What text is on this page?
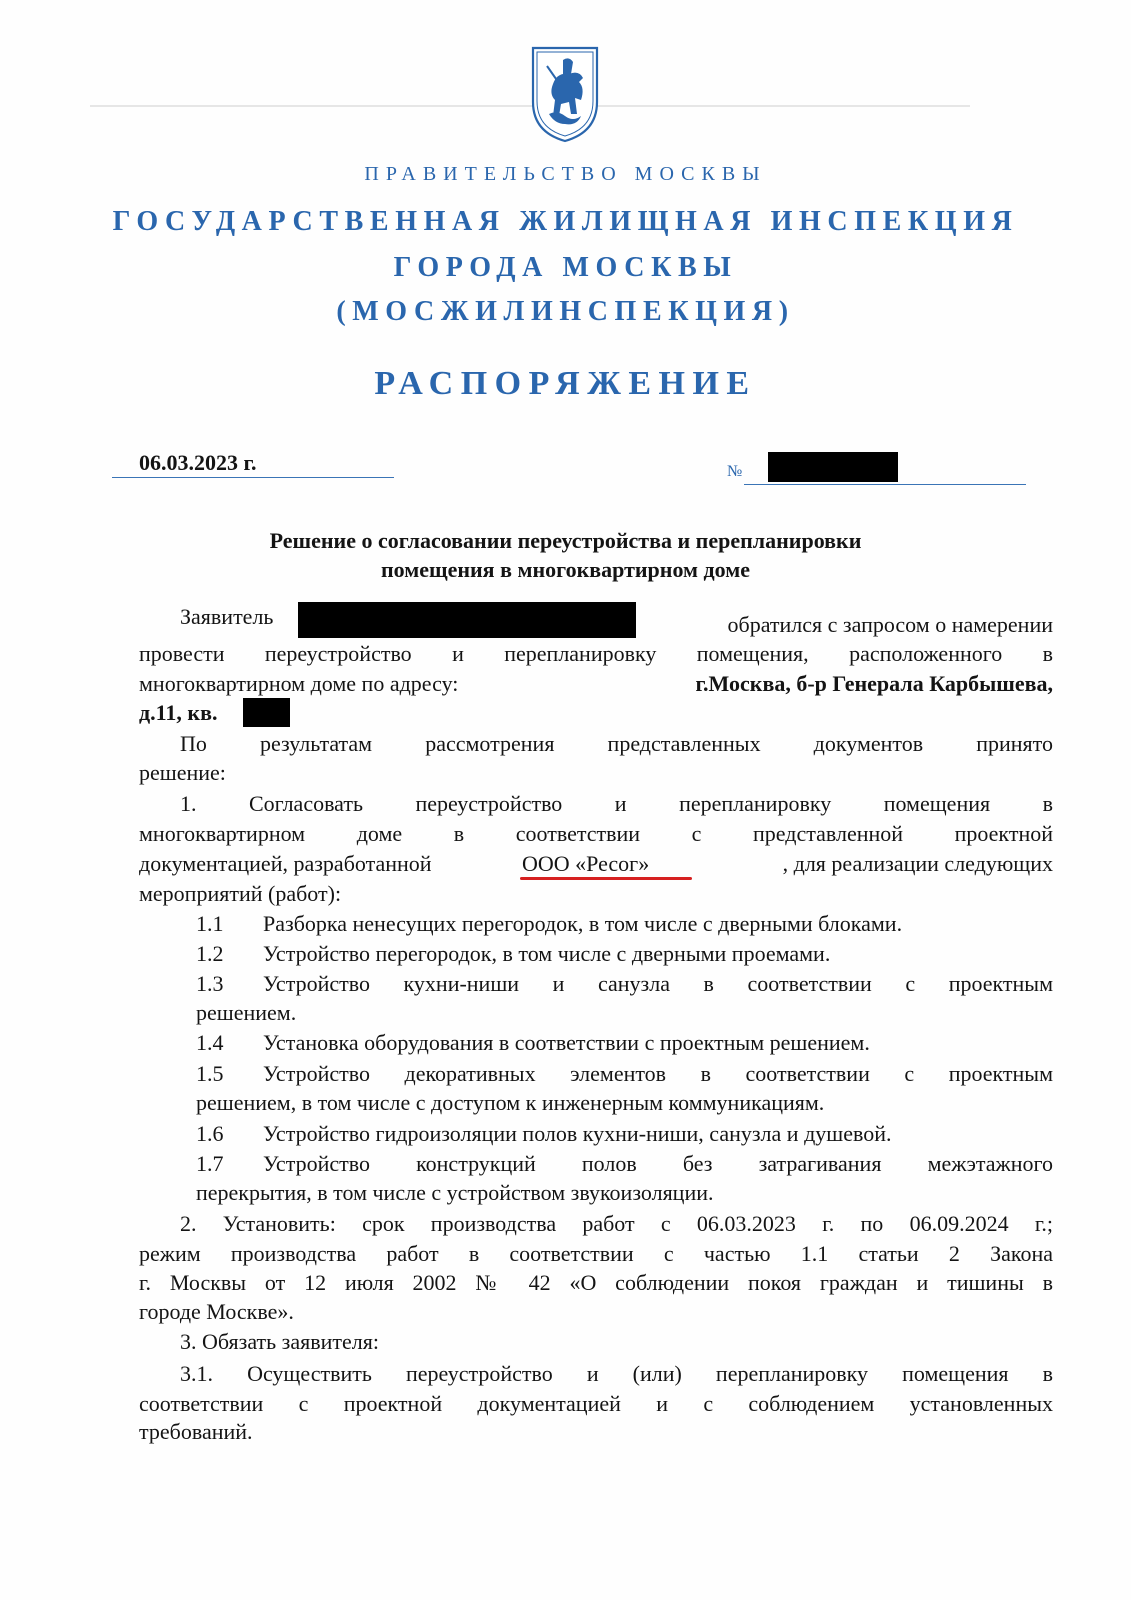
ПРАВИТЕЛЬСТВО МОСКВЫ
ГОСУДАРСТВЕННАЯ ЖИЛИЩНАЯ ИНСПЕКЦИЯ
ГОРОДА МОСКВЫ
(МОСЖИЛИНСПЕКЦИЯ)
РАСПОРЯЖЕНИЕ
06.03.2023 г.	№
Решение о согласовании переустройства и перепланировки
помещения в многоквартирном доме
Заявитель	обратился с запросом о намерении
провести переустройство и перепланировку помещения, расположенного в
многоквартирном доме по адресу:	г.Москва, б-р Генерала Карбышева,
д.11, кв.
По результатам рассмотрения представленных документов принято
решение:
1. Согласовать переустройство и перепланировку помещения в
многоквартирном доме в соответствии с представленной проектной
документацией, разработанной	ООО «Ресог»	, для реализации следующих
мероприятий (работ):
1.1 Разборка ненесущих перегородок, в том числе с дверными блоками.
1.2 Устройство перегородок, в том числе с дверными проемами.
1.3 Устройство кухни-ниши и санузла в соответствии с проектным
решением.
1.4 Установка оборудования в соответствии с проектным решением.
1.5 Устройство декоративных элементов в соответствии с проектным
решением, в том числе с доступом к инженерным коммуникациям.
1.6 Устройство гидроизоляции полов кухни-ниши, санузла и душевой.
1.7 Устройство конструкций полов без затрагивания межэтажного
перекрытия, в том числе с устройством звукоизоляции.
2. Установить: срок производства работ с 06.03.2023 г. по 06.09.2024 г.;
режим производства работ в соответствии с частью 1.1 статьи 2 Закона
г. Москвы от 12 июля 2002 № 42 «О соблюдении покоя граждан и тишины в
городе Москве».
3. Обязать заявителя:
3.1. Осуществить переустройство и (или) перепланировку помещения в
соответствии с проектной документацией и с соблюдением установленных
требований.
